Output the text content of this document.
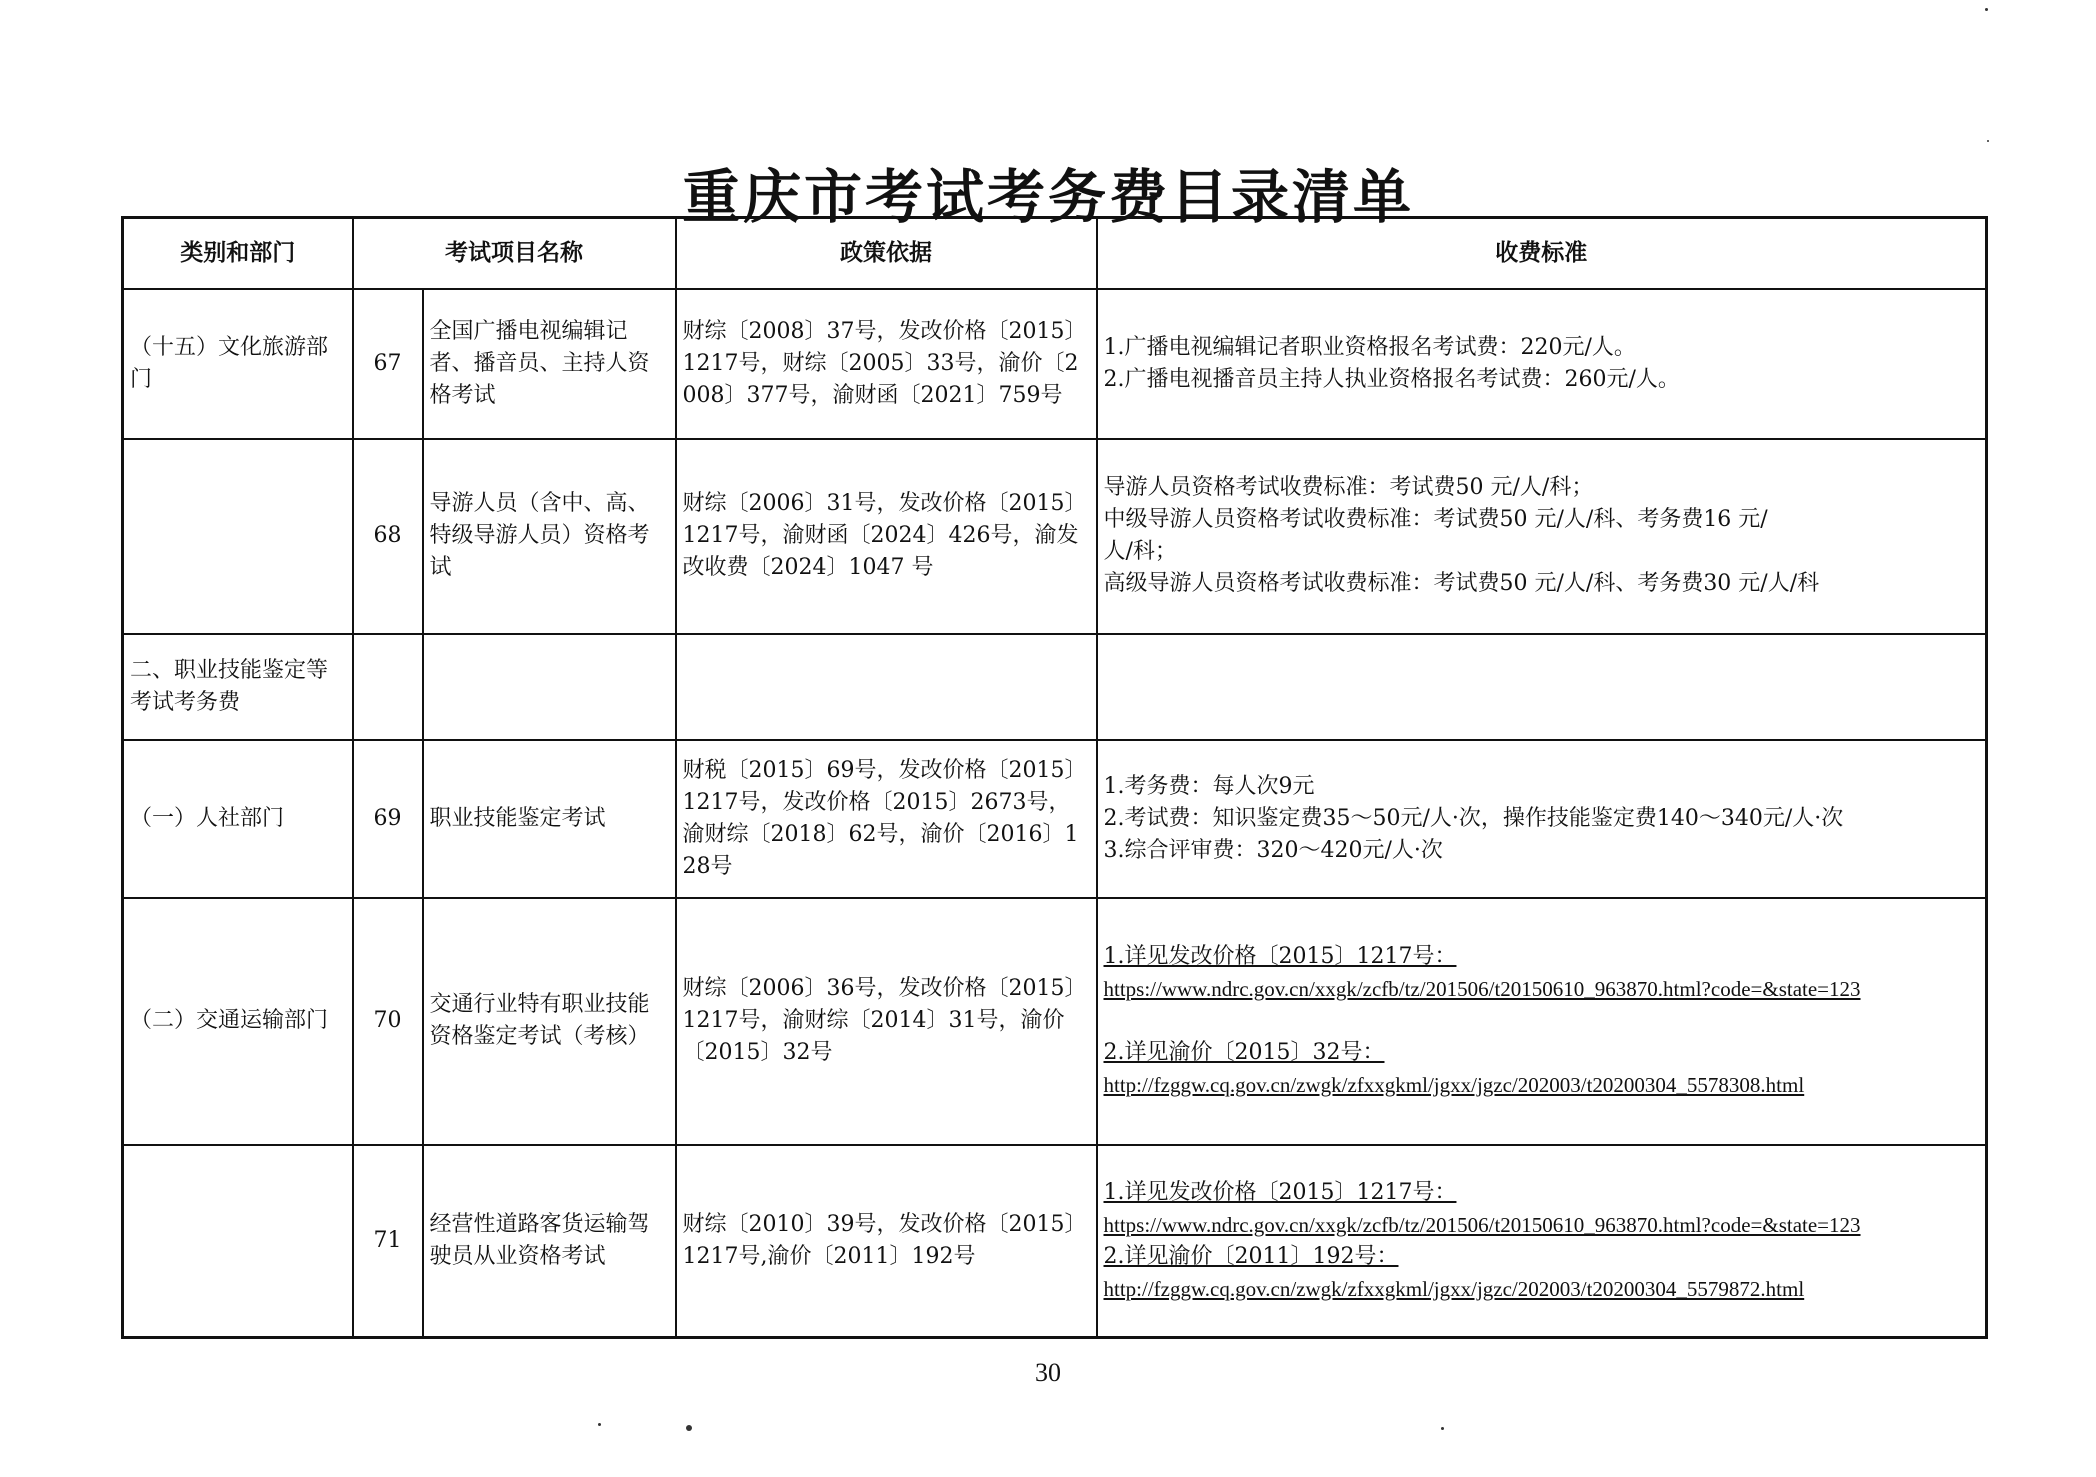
重庆市考试考务费目录清单
类别和部门	考试项目名称		政策依据	收费标准
（十五）文化旅游部门	67	全国广播电视编辑记者、播音员、主持人资格考试	财综〔2008〕37号，发改价格〔2015〕1217号，财综〔2005〕33号，渝价〔2008〕377号，渝财函〔2021〕759号	1.广播电视编辑记者职业资格报名考试费：220元/人。
2.广播电视播音员主持人执业资格报名考试费：260元/人。

	68	导游人员（含中、高、特级导游人员）资格考试	财综〔2006〕31号，发改价格〔2015〕1217号，渝财函〔2024〕426号，渝发改收费〔2024〕1047 号	导游人员资格考试收费标准：考试费50 元/人/科；
中级导游人员资格考试收费标准：考试费50 元/人/科、考务费16 元/
人/科；
高级导游人员资格考试收费标准：考试费50 元/人/科、考务费30 元/人/科

二、职业技能鉴定等考试考务费				
（一）人社部门	69	职业技能鉴定考试	财税〔2015〕69号，发改价格〔2015〕1217号，发改价格〔2015〕2673号，渝财综〔2018〕62号，渝价〔2016〕128号	1.考务费：每人次9元
2.考试费：知识鉴定费35～50元/人·次，操作技能鉴定费140～340元/人·次
3.综合评审费：320～420元/人·次

（二）交通运输部门	70	交通行业特有职业技能资格鉴定考试（考核）	财综〔2006〕36号，发改价格〔2015〕1217号，渝财综〔2014〕31号，渝价〔2015〕32号	1.详见发改价格〔2015〕1217号：
https://www.ndrc.gov.cn/xxgk/zcfb/tz/201506/t20150610_963870.html?code=&state=123
2.详见渝价〔2015〕32号：
http://fzggw.cq.gov.cn/zwgk/zfxxgkml/jgxx/jgzc/202003/t20200304_5578308.html

	71	经营性道路客货运输驾驶员从业资格考试	财综〔2010〕39号，发改价格〔2015〕1217号,渝价〔2011〕192号	1.详见发改价格〔2015〕1217号：
https://www.ndrc.gov.cn/xxgk/zcfb/tz/201506/t20150610_963870.html?code=&state=123
2.详见渝价〔2011〕192号：
http://fzggw.cq.gov.cn/zwgk/zfxxgkml/jgxx/jgzc/202003/t20200304_5579872.html
30
